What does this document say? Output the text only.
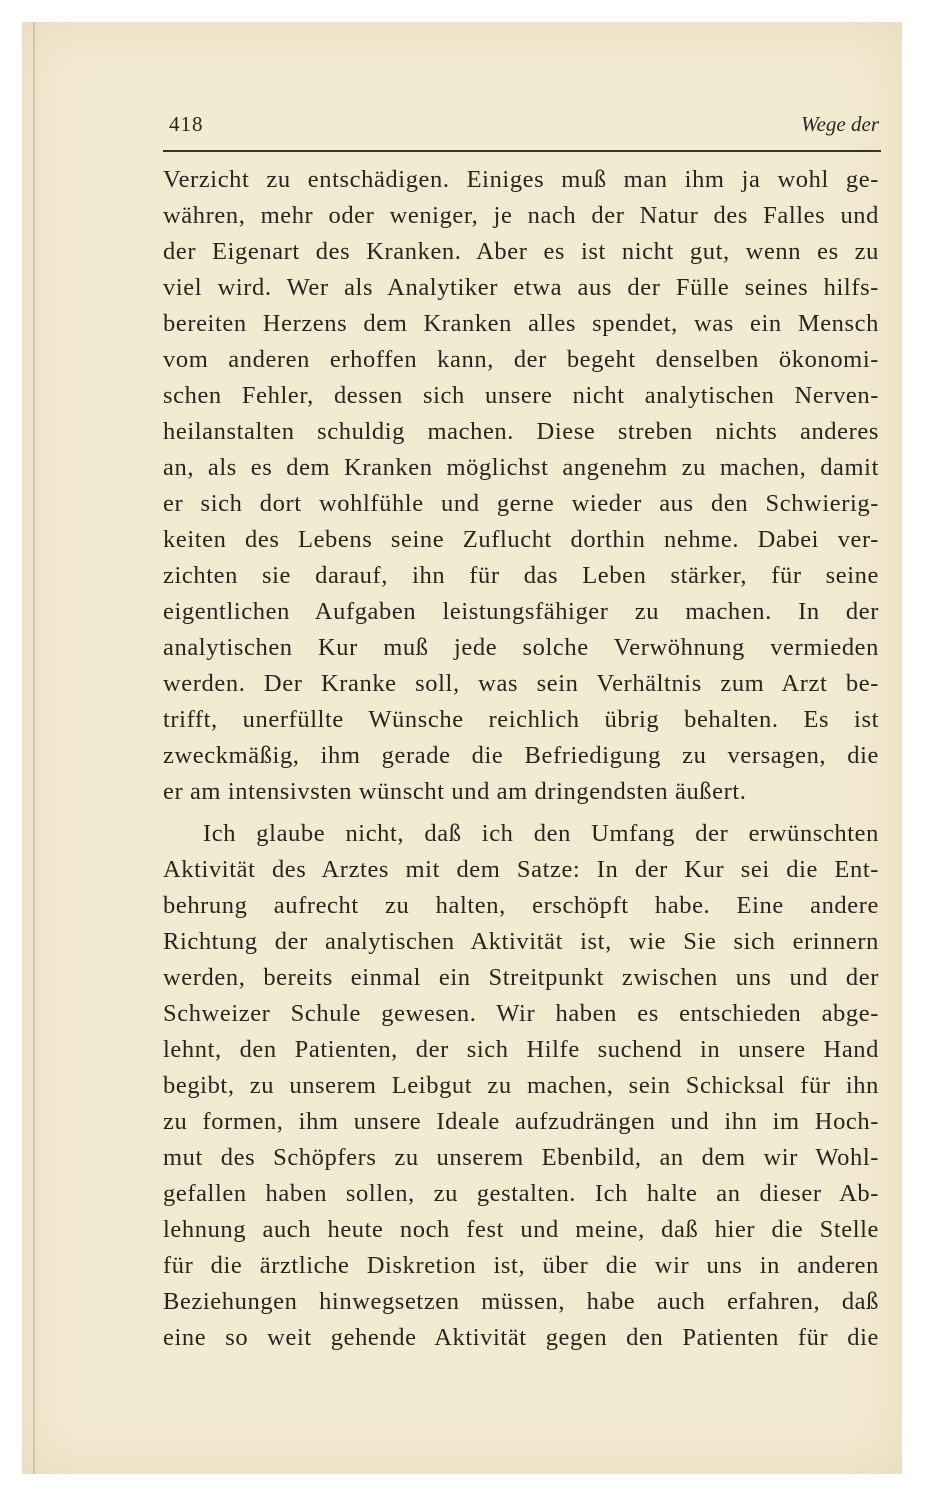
418	Wege der
Verzicht zu entschädigen. Einiges muß man ihm ja wohl ge-
währen, mehr oder weniger, je nach der Natur des Falles und
der Eigenart des Kranken. Aber es ist nicht gut, wenn es zu
viel wird. Wer als Analytiker etwa aus der Fülle seines hilfs-
bereiten Herzens dem Kranken alles spendet, was ein Mensch
vom anderen erhoffen kann, der begeht denselben ökonomi-
schen Fehler, dessen sich unsere nicht analytischen Nerven-
heilanstalten schuldig machen. Diese streben nichts anderes
an, als es dem Kranken möglichst angenehm zu machen, damit
er sich dort wohlfühle und gerne wieder aus den Schwierig-
keiten des Lebens seine Zuflucht dorthin nehme. Dabei ver-
zichten sie darauf, ihn für das Leben stärker, für seine
eigentlichen Aufgaben leistungsfähiger zu machen. In der
analytischen Kur muß jede solche Verwöhnung vermieden
werden. Der Kranke soll, was sein Verhältnis zum Arzt be-
trifft, unerfüllte Wünsche reichlich übrig behalten. Es ist
zweckmäßig, ihm gerade die Befriedigung zu versagen, die
er am intensivsten wünscht und am dringendsten äußert.
Ich glaube nicht, daß ich den Umfang der erwünschten
Aktivität des Arztes mit dem Satze: In der Kur sei die Ent-
behrung aufrecht zu halten, erschöpft habe. Eine andere
Richtung der analytischen Aktivität ist, wie Sie sich erinnern
werden, bereits einmal ein Streitpunkt zwischen uns und der
Schweizer Schule gewesen. Wir haben es entschieden abge-
lehnt, den Patienten, der sich Hilfe suchend in unsere Hand
begibt, zu unserem Leibgut zu machen, sein Schicksal für ihn
zu formen, ihm unsere Ideale aufzudrängen und ihn im Hoch-
mut des Schöpfers zu unserem Ebenbild, an dem wir Wohl-
gefallen haben sollen, zu gestalten. Ich halte an dieser Ab-
lehnung auch heute noch fest und meine, daß hier die Stelle
für die ärztliche Diskretion ist, über die wir uns in anderen
Beziehungen hinwegsetzen müssen, habe auch erfahren, daß
eine so weit gehende Aktivität gegen den Patienten für die
